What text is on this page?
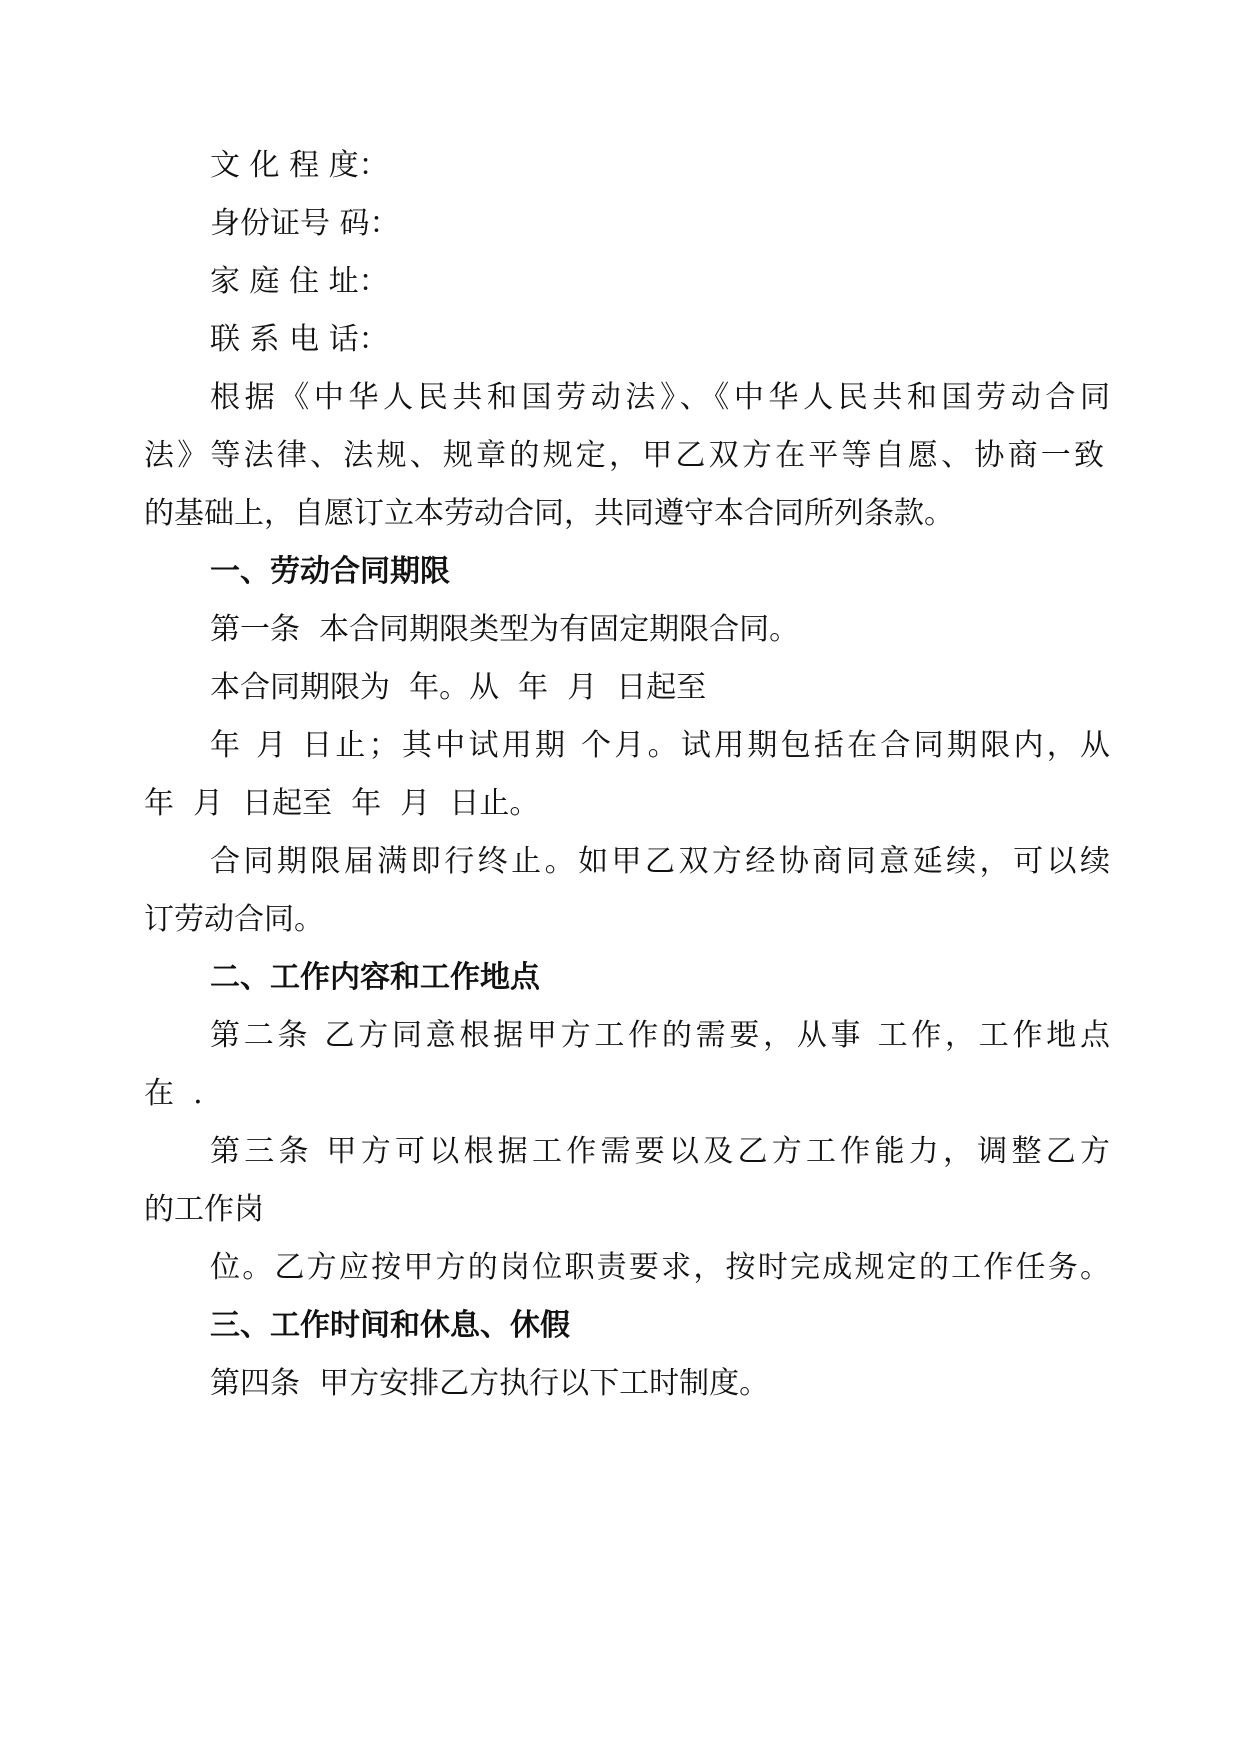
文 化 程 度：
身份证号 码：
家 庭 住 址：
联 系 电 话：
根据《中华人民共和国劳动法》、《中华人民共和国劳动合同
法》等法律、法规、规章的规定，甲乙双方在平等自愿、协商一致
的基础上，自愿订立本劳动合同，共同遵守本合同所列条款。
一、劳动合同期限
第一条  本合同期限类型为有固定期限合同。
本合同期限为  年。从  年  月  日起至
年 月 日止；其中试用期 个月。试用期包括在合同期限内，从
年  月  日起至  年  月  日止。
合同期限届满即行终止。如甲乙双方经协商同意延续，可以续
订劳动合同。
二、工作内容和工作地点
第二条 乙方同意根据甲方工作的需要，从事 工作，工作地点
在  .
第三条 甲方可以根据工作需要以及乙方工作能力，调整乙方
的工作岗
位。乙方应按甲方的岗位职责要求，按时完成规定的工作任务。
三、工作时间和休息、休假
第四条  甲方安排乙方执行以下工时制度。
